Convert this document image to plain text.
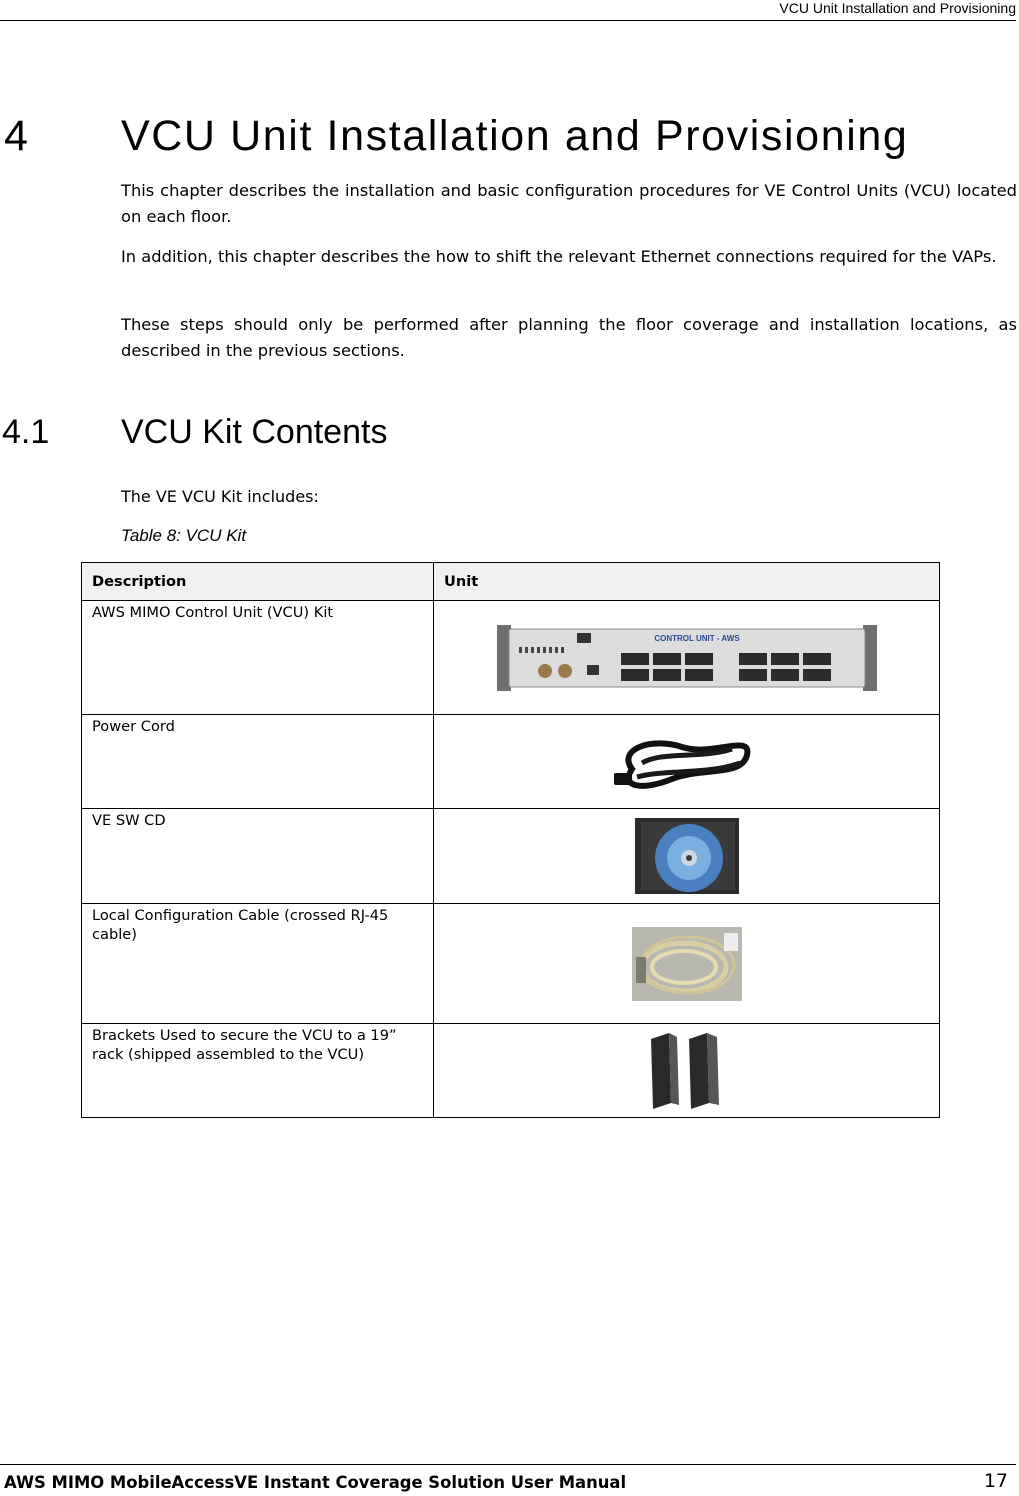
VCU Unit Installation and Provisioning
4 VCU Unit Installation and Provisioning

This chapter describes the installation and basic configuration procedures for VE Control Units (VCU) located on each floor.

In addition, this chapter describes the how to shift the relevant Ethernet connections required for the VAPs.

These steps should only be performed after planning the floor coverage and installation locations, as described in the previous sections.

4.1 VCU Kit Contents

The VE VCU Kit includes:

Table 8: VCU Kit

Description	Unit
AWS MIMO Control Unit (VCU) Kit	CONTROL UNIT - AWS

Power Cord	

VE SW CD	

Local Configuration Cable (crossed RJ-45 cable)	

Brackets Used to secure the VCU to a 19” rack (shipped assembled to the VCU)	
AWS MIMO MobileAccessVE Instant Coverage Solution User Manual	17
